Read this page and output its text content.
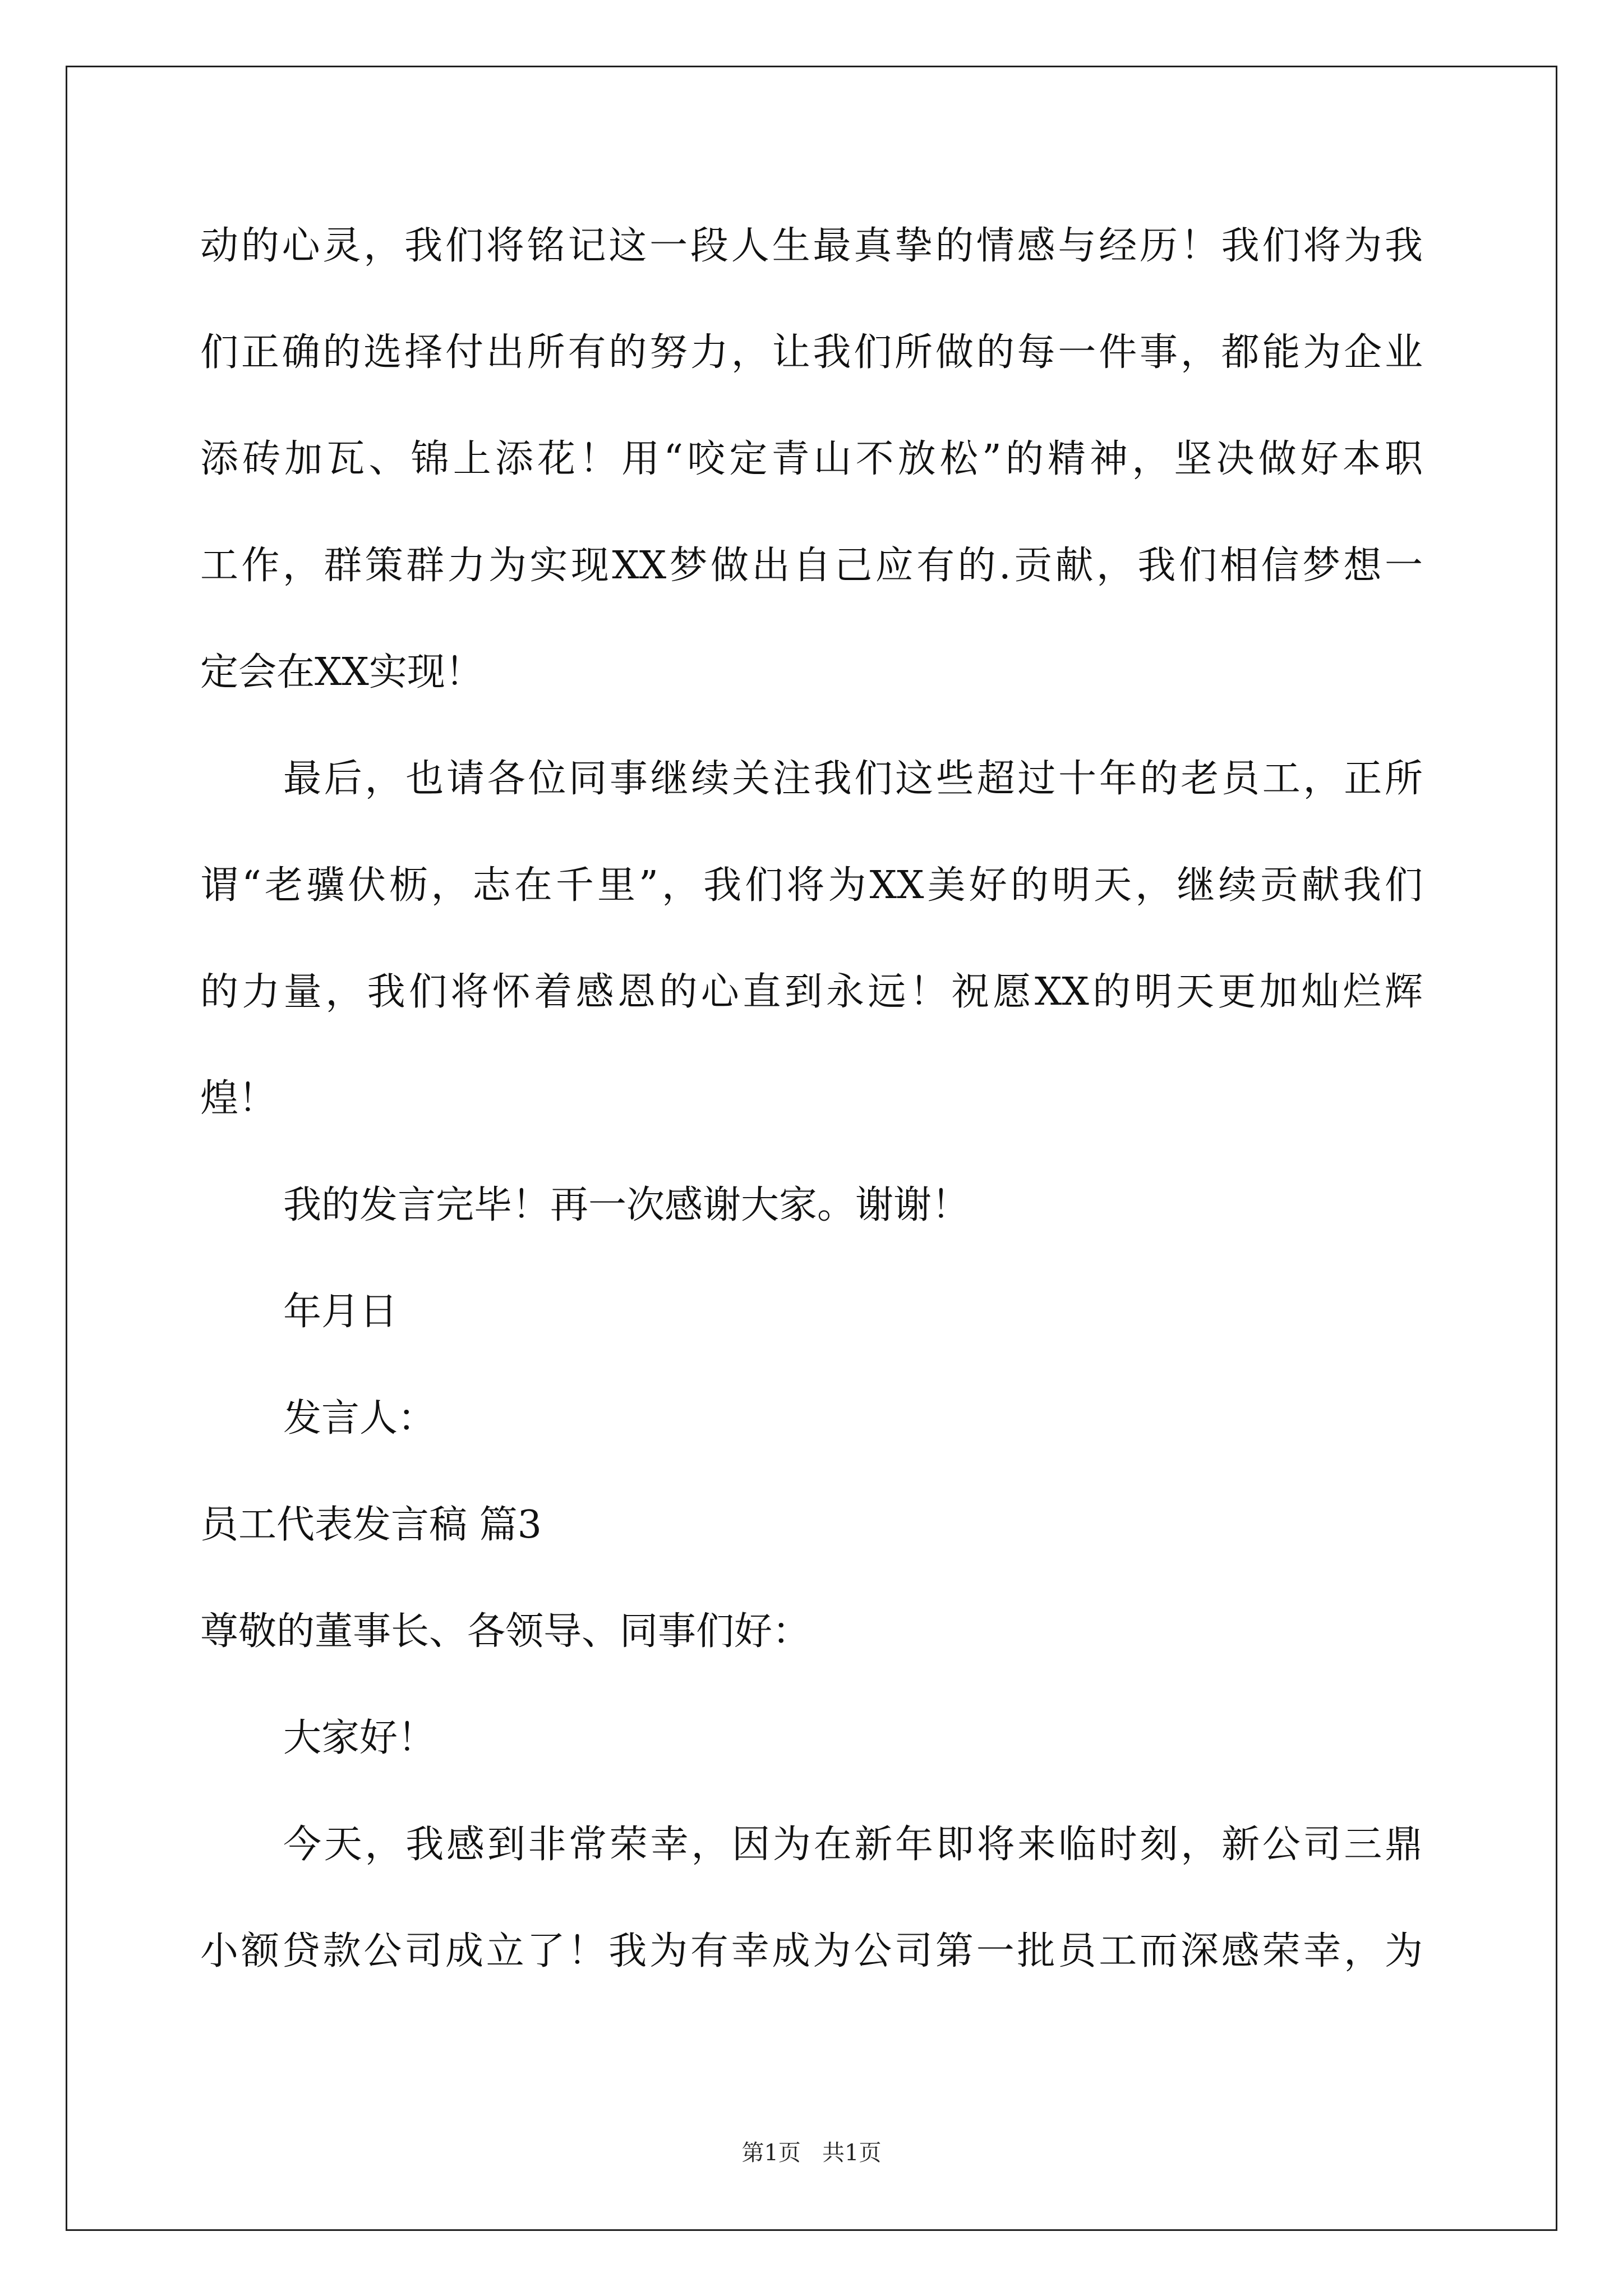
动的心灵，我们将铭记这一段人生最真挚的情感与经历！我们将为我
们正确的选择付出所有的努力，让我们所做的每一件事，都能为企业
添砖加瓦、锦上添花！用“咬定青山不放松”的精神，坚决做好本职
工作，群策群力为实现XX梦做出自己应有的.贡献，我们相信梦想一
定会在XX实现！
最后，也请各位同事继续关注我们这些超过十年的老员工，正所
谓“老骥伏枥，志在千里”，我们将为XX美好的明天，继续贡献我们
的力量，我们将怀着感恩的心直到永远！祝愿XX的明天更加灿烂辉
煌！
我的发言完毕！再一次感谢大家。谢谢！
年月日
发言人：
员工代表发言稿 篇3
尊敬的董事长、各领导、同事们好：
大家好！
今天，我感到非常荣幸，因为在新年即将来临时刻，新公司三鼎
小额贷款公司成立了！我为有幸成为公司第一批员工而深感荣幸，为
第1页   共1页
